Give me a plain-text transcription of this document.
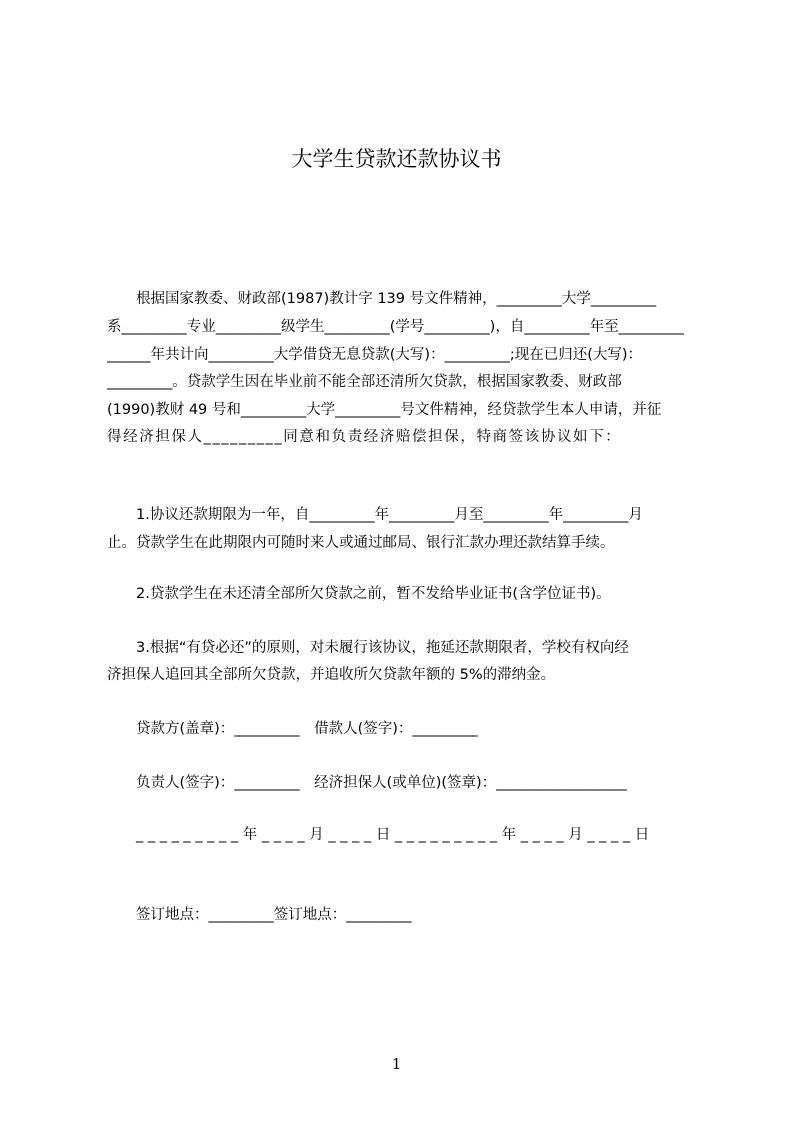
大学生贷款还款协议书
　　根据国家教委、财政部(1987)教计字 139 号文件精神，_________大学_________
系_________专业_________级学生_________(学号_________)，自_________年至_________
______年共计向_________大学借贷无息贷款(大写)：_________;现在已归还(大写)：
_________。贷款学生因在毕业前不能全部还清所欠贷款，根据国家教委、财政部
(1990)教财 49 号和_________大学_________号文件精神，经贷款学生本人申请，并征
得经济担保人_________同意和负责经济赔偿担保，特商签该协议如下：
　　1.协议还款期限为一年，自_________年_________月至_________年_________月
止。贷款学生在此期限内可随时来人或通过邮局、银行汇款办理还款结算手续。
　　2.贷款学生在未还清全部所欠贷款之前，暂不发给毕业证书(含学位证书)。
　　3.根据“有贷必还”的原则，对未履行该协议，拖延还款期限者，学校有权向经
济担保人追回其全部所欠贷款，并追收所欠贷款年额的 5%的滞纳金。
　　贷款方(盖章)：_________　借款人(签字)：_________
　　负责人(签字)：_________　经济担保人(或单位)(签章)：__________________
　　_ _ _ _ _ _ _ _ _ 年 _ _ _ _ 月 _ _ _ _ 日 _ _ _ _ _ _ _ _ _ 年 _ _ _ _ 月 _ _ _ _ 日
　　签订地点：_________签订地点：_________
1
